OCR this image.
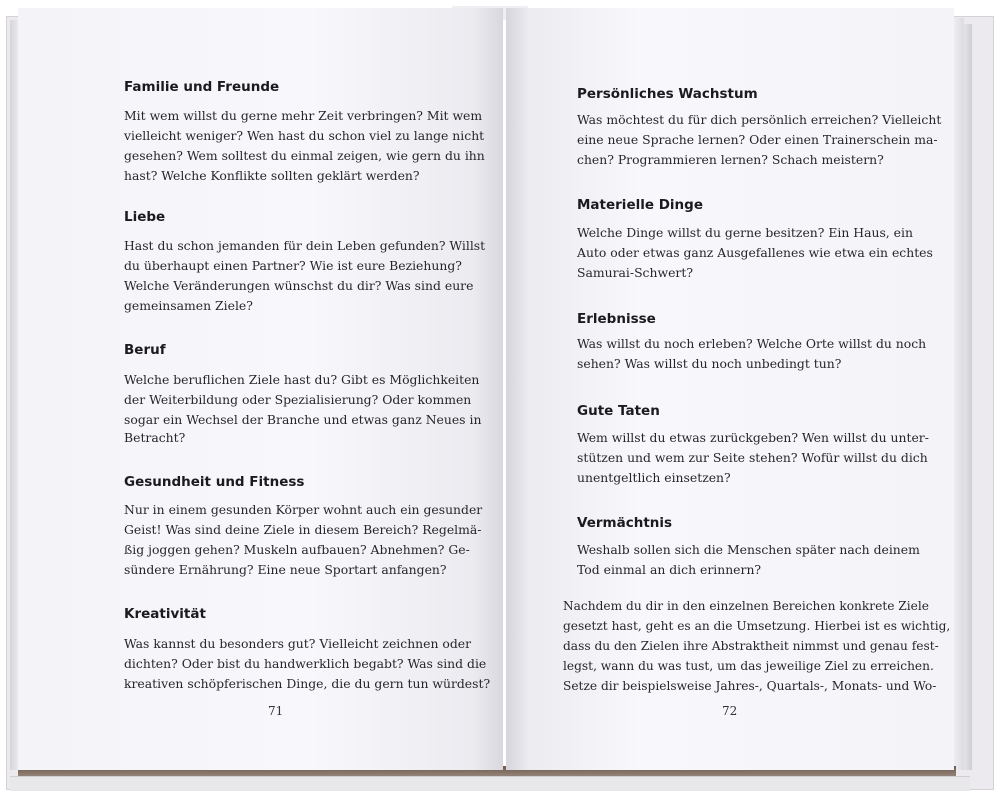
Familie und Freunde
Mit wem willst du gerne mehr Zeit verbringen? Mit wem
vielleicht weniger? Wen hast du schon viel zu lange nicht
gesehen? Wem solltest du einmal zeigen, wie gern du ihn
hast? Welche Konflikte sollten geklärt werden?
Liebe
Hast du schon jemanden für dein Leben gefunden? Willst
du überhaupt einen Partner? Wie ist eure Beziehung?
Welche Veränderungen wünschst du dir? Was sind eure
gemeinsamen Ziele?
Beruf
Welche beruflichen Ziele hast du? Gibt es Möglichkeiten
der Weiterbildung oder Spezialisierung? Oder kommen
sogar ein Wechsel der Branche und etwas ganz Neues in
Betracht?
Gesundheit und Fitness
Nur in einem gesunden Körper wohnt auch ein gesunder
Geist! Was sind deine Ziele in diesem Bereich? Regelmä-
ßig joggen gehen? Muskeln aufbauen? Abnehmen? Ge-
sündere Ernährung? Eine neue Sportart anfangen?
Kreativität
Was kannst du besonders gut? Vielleicht zeichnen oder
dichten? Oder bist du handwerklich begabt? Was sind die
kreativen schöpferischen Dinge, die du gern tun würdest?
71
Persönliches Wachstum
Was möchtest du für dich persönlich erreichen? Vielleicht
eine neue Sprache lernen? Oder einen Trainerschein ma-
chen? Programmieren lernen? Schach meistern?
Materielle Dinge
Welche Dinge willst du gerne besitzen? Ein Haus, ein
Auto oder etwas ganz Ausgefallenes wie etwa ein echtes
Samurai-Schwert?
Erlebnisse
Was willst du noch erleben? Welche Orte willst du noch
sehen? Was willst du noch unbedingt tun?
Gute Taten
Wem willst du etwas zurückgeben? Wen willst du unter-
stützen und wem zur Seite stehen? Wofür willst du dich
unentgeltlich einsetzen?
Vermächtnis
Weshalb sollen sich die Menschen später nach deinem
Tod einmal an dich erinnern?
Nachdem du dir in den einzelnen Bereichen konkrete Ziele
gesetzt hast, geht es an die Umsetzung. Hierbei ist es wichtig,
dass du den Zielen ihre Abstraktheit nimmst und genau fest-
legst, wann du was tust, um das jeweilige Ziel zu erreichen.
Setze dir beispielsweise Jahres-, Quartals-, Monats- und Wo-
72
